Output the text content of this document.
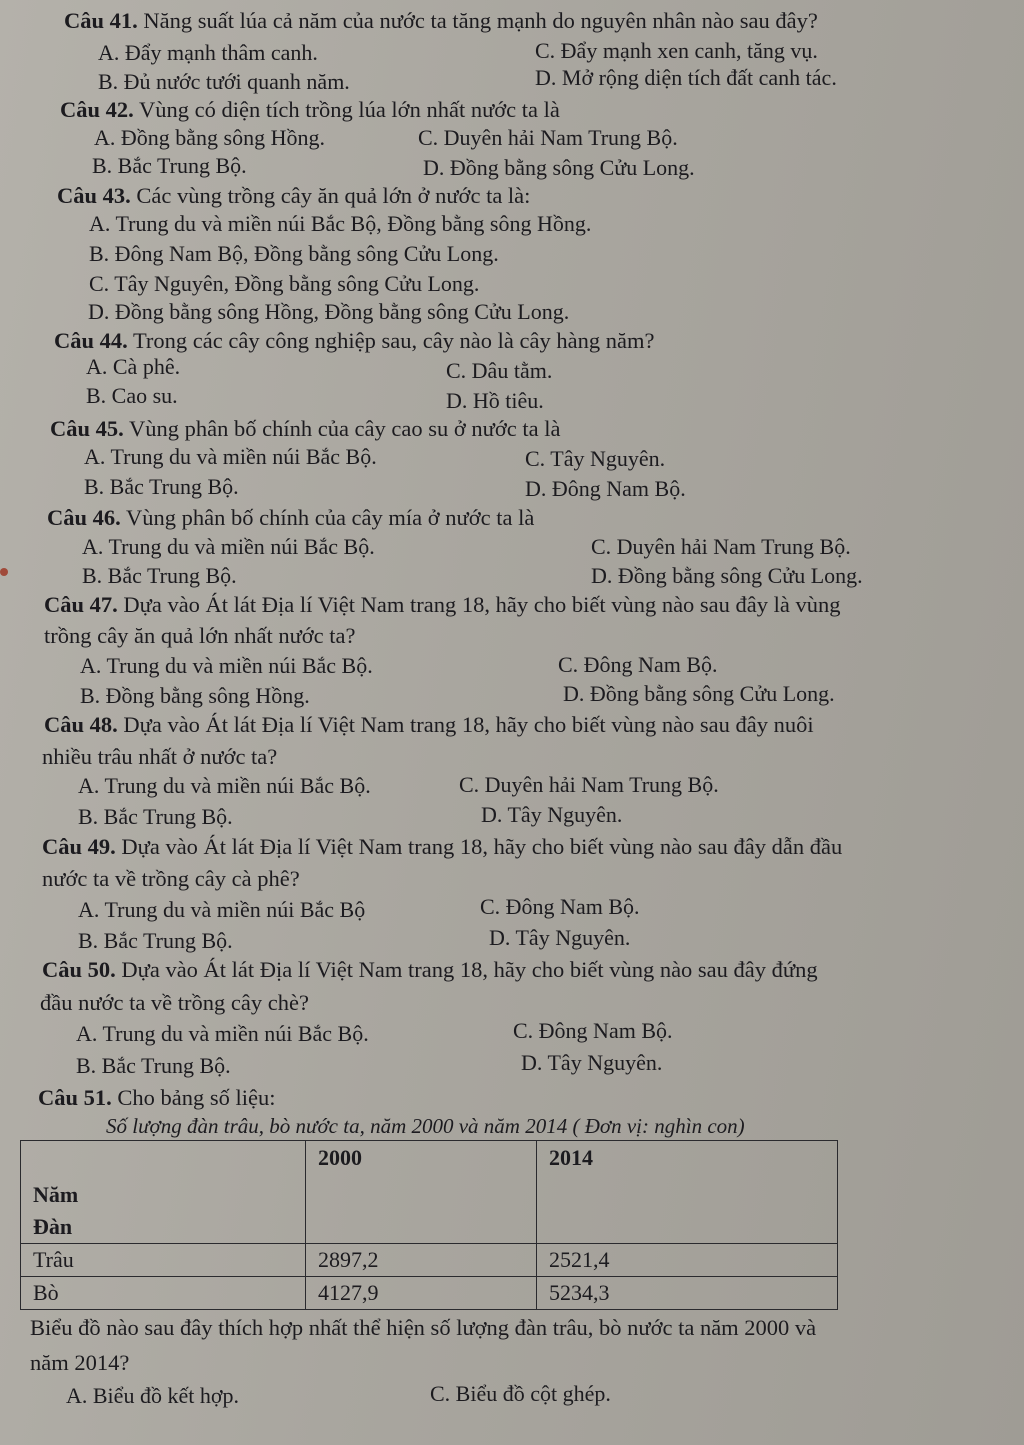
Câu 41. Năng suất lúa cả năm của nước ta tăng mạnh do nguyên nhân nào sau đây?
A. Đẩy mạnh thâm canh.	C. Đẩy mạnh xen canh, tăng vụ.
B. Đủ nước tưới quanh năm.	D. Mở rộng diện tích đất canh tác.
Câu 42. Vùng có diện tích trồng lúa lớn nhất nước ta là
A. Đồng bằng sông Hồng.	C. Duyên hải Nam Trung Bộ.
B. Bắc Trung Bộ.	D. Đồng bằng sông Cửu Long.
Câu 43. Các vùng trồng cây ăn quả lớn ở nước ta là:
A. Trung du và miền núi Bắc Bộ, Đồng bằng sông Hồng.
B. Đông Nam Bộ, Đồng bằng sông Cửu Long.
C. Tây Nguyên, Đồng bằng sông Cửu Long.
D. Đồng bằng sông Hồng, Đồng bằng sông Cửu Long.
Câu 44. Trong các cây công nghiệp sau, cây nào là cây hàng năm?
A. Cà phê.	C. Dâu tằm.
B. Cao su.	D. Hồ tiêu.
Câu 45. Vùng phân bố chính của cây cao su ở nước ta là
A. Trung du và miền núi Bắc Bộ.	C. Tây Nguyên.
B. Bắc Trung Bộ.	D. Đông Nam Bộ.
Câu 46. Vùng phân bố chính của cây mía ở nước ta là
A. Trung du và miền núi Bắc Bộ.	C. Duyên hải Nam Trung Bộ.
B. Bắc Trung Bộ.	D. Đồng bằng sông Cửu Long.
Câu 47. Dựa vào Át lát Địa lí Việt Nam trang 18, hãy cho biết vùng nào sau đây là vùng
trồng cây ăn quả lớn nhất nước ta?
A. Trung du và miền núi Bắc Bộ.	C. Đông Nam Bộ.
B. Đồng bằng sông Hồng.	D. Đồng bằng sông Cửu Long.
Câu 48. Dựa vào Át lát Địa lí Việt Nam trang 18, hãy cho biết vùng nào sau đây nuôi
nhiều trâu nhất ở nước ta?
A. Trung du và miền núi Bắc Bộ.	C. Duyên hải Nam Trung Bộ.
B. Bắc Trung Bộ.	D. Tây Nguyên.
Câu 49. Dựa vào Át lát Địa lí Việt Nam trang 18, hãy cho biết vùng nào sau đây dẫn đầu
nước ta về trồng cây cà phê?
A. Trung du và miền núi Bắc Bộ	C. Đông Nam Bộ.
B. Bắc Trung Bộ.	D. Tây Nguyên.
Câu 50. Dựa vào Át lát Địa lí Việt Nam trang 18, hãy cho biết vùng nào sau đây đứng
đầu nước ta về trồng cây chè?
A. Trung du và miền núi Bắc Bộ.	C. Đông Nam Bộ.
B. Bắc Trung Bộ.	D. Tây Nguyên.
Câu 51. Cho bảng số liệu:
Số lượng đàn trâu, bò nước ta, năm 2000 và năm 2014 ( Đơn vị: nghìn con)
Năm
Đàn	2000	2014
Trâu	2897,2	2521,4
Bò	4127,9	5234,3
Biểu đồ nào sau đây thích hợp nhất thể hiện số lượng đàn trâu, bò nước ta năm 2000 và
năm 2014?
A. Biểu đồ kết hợp.	C. Biểu đồ cột ghép.
